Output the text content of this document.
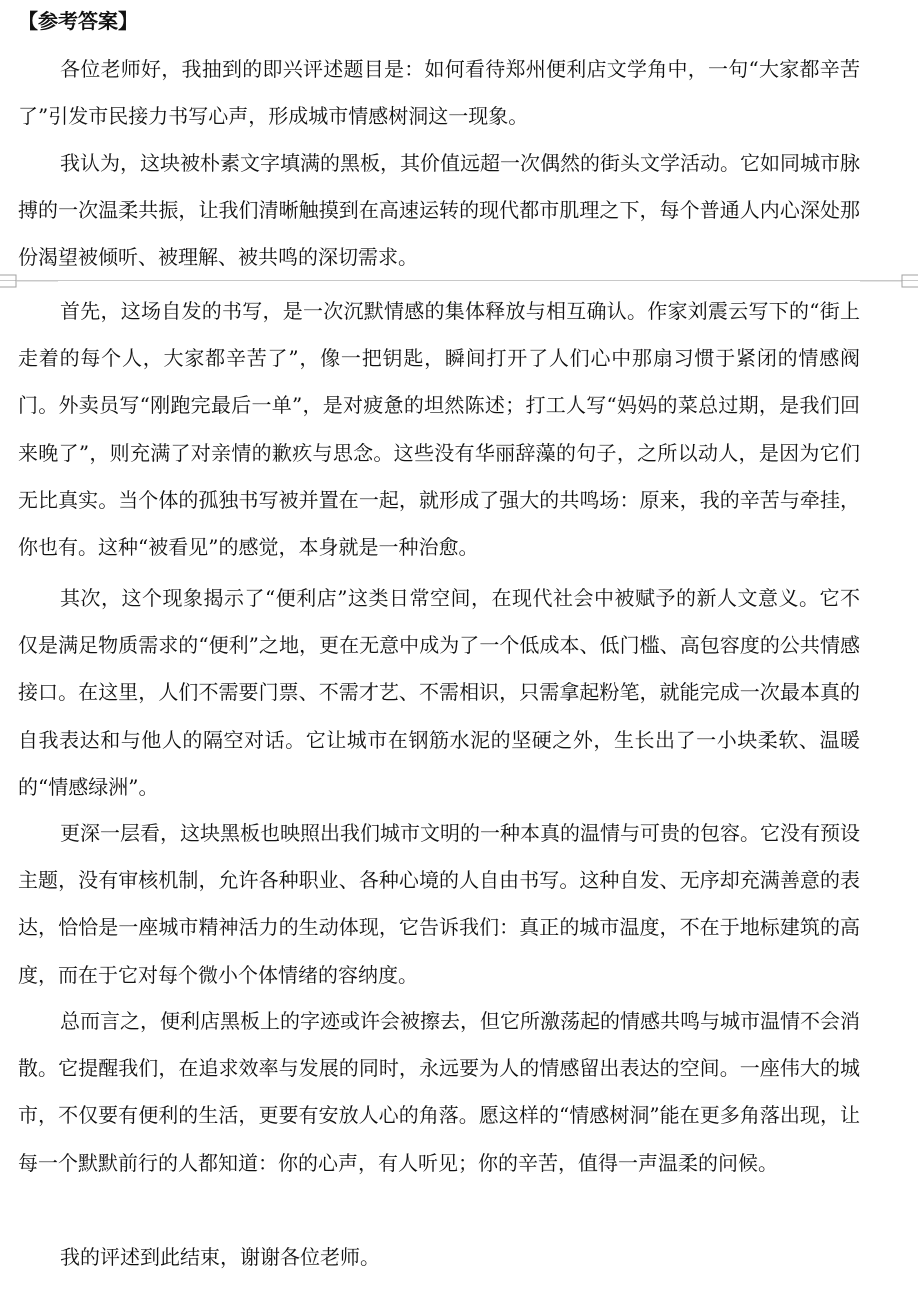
【参考答案】

各位老师好，我抽到的即兴评述题目是：如何看待郑州便利店文学角中，一句“大家都辛苦了”引发市民接力书写心声，形成城市情感树洞这一现象。

我认为，这块被朴素文字填满的黑板，其价值远超一次偶然的街头文学活动。它如同城市脉搏的一次温柔共振，让我们清晰触摸到在高速运转的现代都市肌理之下，每个普通人内心深处那份渴望被倾听、被理解、被共鸣的深切需求。

首先，这场自发的书写，是一次沉默情感的集体释放与相互确认。作家刘震云写下的“街上走着的每个人，大家都辛苦了”，像一把钥匙，瞬间打开了人们心中那扇习惯于紧闭的情感阀门。外卖员写“刚跑完最后一单”，是对疲惫的坦然陈述；打工人写“妈妈的菜总过期，是我们回来晚了”，则充满了对亲情的歉疚与思念。这些没有华丽辞藻的句子，之所以动人，是因为它们无比真实。当个体的孤独书写被并置在一起，就形成了强大的共鸣场：原来，我的辛苦与牵挂，你也有。这种“被看见”的感觉，本身就是一种治愈。

其次，这个现象揭示了“便利店”这类日常空间，在现代社会中被赋予的新人文意义。它不仅是满足物质需求的“便利”之地，更在无意中成为了一个低成本、低门槛、高包容度的公共情感接口。在这里，人们不需要门票、不需才艺、不需相识，只需拿起粉笔，就能完成一次最本真的自我表达和与他人的隔空对话。它让城市在钢筋水泥的坚硬之外，生长出了一小块柔软、温暖的“情感绿洲”。

更深一层看，这块黑板也映照出我们城市文明的一种本真的温情与可贵的包容。它没有预设主题，没有审核机制，允许各种职业、各种心境的人自由书写。这种自发、无序却充满善意的表达，恰恰是一座城市精神活力的生动体现，它告诉我们：真正的城市温度，不在于地标建筑的高度，而在于它对每个微小个体情绪的容纳度。

总而言之，便利店黑板上的字迹或许会被擦去，但它所激荡起的情感共鸣与城市温情不会消散。它提醒我们，在追求效率与发展的同时，永远要为人的情感留出表达的空间。一座伟大的城市，不仅要有便利的生活，更要有安放人心的角落。愿这样的“情感树洞”能在更多角落出现，让每一个默默前行的人都知道：你的心声，有人听见；你的辛苦，值得一声温柔的问候。

我的评述到此结束，谢谢各位老师。
